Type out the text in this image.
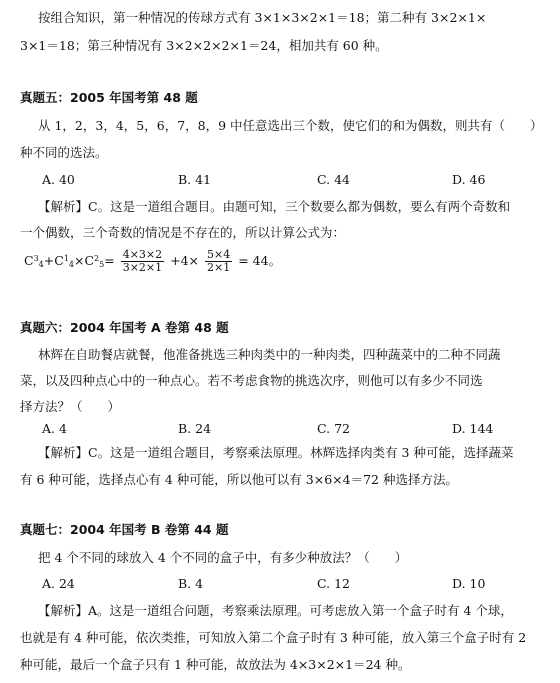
按组合知识，第一种情况的传球方式有 3×1×3×2×1＝18；第二种有 3×2×1×
3×1＝18；第三种情况有 3×2×2×2×1＝24，相加共有 60 种。
真题五：2005 年国考第 48 题
从 1，2，3，4，5，6，7，8，9 中任意选出三个数，使它们的和为偶数，则共有（　　）
种不同的选法。
A. 40	B. 41	C. 44	D. 46
【解析】C。这是一道组合题目。由题可知，三个数要么都为偶数，要么有两个奇数和
一个偶数，三个奇数的情况是不存在的，所以计算公式为：
$C^3_4+C^1_4\times C^2_5= \frac{4\times 3\times 2}{3\times 2\times 1} +4\times \frac{5\times 4}{2\times 1} = 44$。
真题六：2004 年国考 A 卷第 48 题
林辉在自助餐店就餐，他准备挑选三种肉类中的一种肉类，四种蔬菜中的二种不同蔬
菜，以及四种点心中的一种点心。若不考虑食物的挑选次序，则他可以有多少不同选
择方法？（　　）
A. 4	B. 24	C. 72	D. 144
【解析】C。这是一道组合题目，考察乘法原理。林辉选择肉类有 3 种可能，选择蔬菜
有 6 种可能，选择点心有 4 种可能，所以他可以有 3×6×4＝72 种选择方法。
真题七：2004 年国考 B 卷第 44 题
把 4 个不同的球放入 4 个不同的盒子中，有多少种放法？（　　）
A. 24	B. 4	C. 12	D. 10
【解析】A。这是一道组合问题，考察乘法原理。可考虑放入第一个盒子时有 4 个球，
也就是有 4 种可能，依次类推，可知放入第二个盒子时有 3 种可能，放入第三个盒子时有 2
种可能，最后一个盒子只有 1 种可能，故放法为 4×3×2×1＝24 种。
